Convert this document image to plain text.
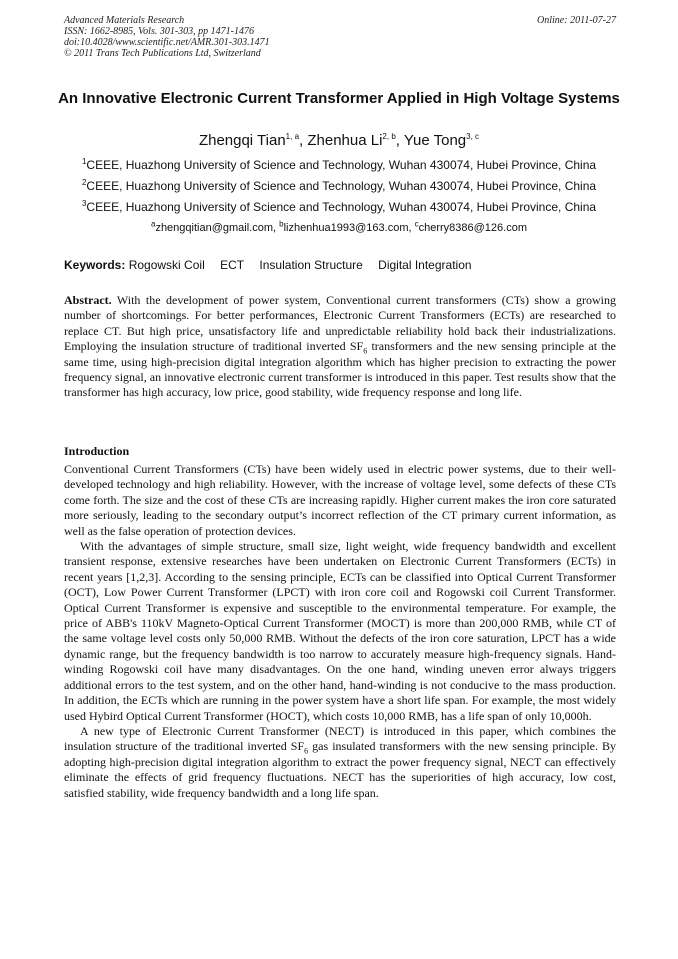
Advanced Materials Research
ISSN: 1662-8985, Vols. 301-303, pp 1471-1476
doi:10.4028/www.scientific.net/AMR.301-303.1471
© 2011 Trans Tech Publications Ltd, Switzerland
Online: 2011-07-27
An Innovative Electronic Current Transformer Applied in High Voltage Systems
Zhengqi Tian$^{1, a}$, Zhenhua Li$^{2, b}$, Yue Tong$^{3, c}$
$^1$CEEE, Huazhong University of Science and Technology, Wuhan 430074, Hubei Province, China
$^2$CEEE, Huazhong University of Science and Technology, Wuhan 430074, Hubei Province, China
$^3$CEEE, Huazhong University of Science and Technology, Wuhan 430074, Hubei Province, China
$^a$zhengqitian@gmail.com, $^b$lizhenhua1993@163.com, $^c$cherry8386@126.com
Keywords: Rogowski Coil ECT Insulation Structure Digital Integration

Abstract. With the development of power system, Conventional current transformers (CTs) show a growing number of shortcomings. For better performances, Electronic Current Transformers (ECTs) are researched to replace CT. But high price, unsatisfactory life and unpredictable reliability hold back their industrializations. Employing the insulation structure of traditional inverted $SF_6$ transformers and the new sensing principle at the same time, using high-precision digital integration algorithm which has higher precision to extracting the power frequency signal, an innovative electronic current transformer is introduced in this paper. Test results show that the transformer has high accuracy, low price, good stability, wide frequency response and long life.

Introduction

Conventional Current Transformers (CTs) have been widely used in electric power systems, due to their well-developed technology and high reliability. However, with the increase of voltage level, some defects of these CTs come forth. The size and the cost of these CTs are increasing rapidly. Higher current makes the iron core saturated more seriously, leading to the secondary output’s incorrect reflection of the CT primary current information, as well as the false operation of protection devices.

With the advantages of simple structure, small size, light weight, wide frequency bandwidth and excellent transient response, extensive researches have been undertaken on Electronic Current Transformers (ECTs) in recent years [1,2,3]. According to the sensing principle, ECTs can be classified into Optical Current Transformer (OCT), Low Power Current Transformer (LPCT) with iron core coil and Rogowski coil Current Transformer. Optical Current Transformer is expensive and susceptible to the environmental temperature. For example, the price of ABB's 110kV Magneto-Optical Current Transformer (MOCT) is more than 200,000 RMB, while CT of the same voltage level costs only 50,000 RMB. Without the defects of the iron core saturation, LPCT has a wide dynamic range, but the frequency bandwidth is too narrow to accurately measure high-frequency signals. Hand-winding Rogowski coil have many disadvantages. On the one hand, winding uneven error always triggers additional errors to the test system, and on the other hand, hand-winding is not conducive to the mass production. In addition, the ECTs which are running in the power system have a short life span. For example, the most widely used Hybird Optical Current Transformer (HOCT), which costs 10,000 RMB, has a life span of only 10,000h.

A new type of Electronic Current Transformer (NECT) is introduced in this paper, which combines the insulation structure of the traditional inverted $SF_6$ gas insulated transformers with the new sensing principle. By adopting high-precision digital integration algorithm to extract the power frequency signal, NECT can effectively eliminate the effects of grid frequency fluctuations. NECT has the superiorities of high accuracy, low cost, satisfied stability, wide frequency bandwidth and a long life span.
